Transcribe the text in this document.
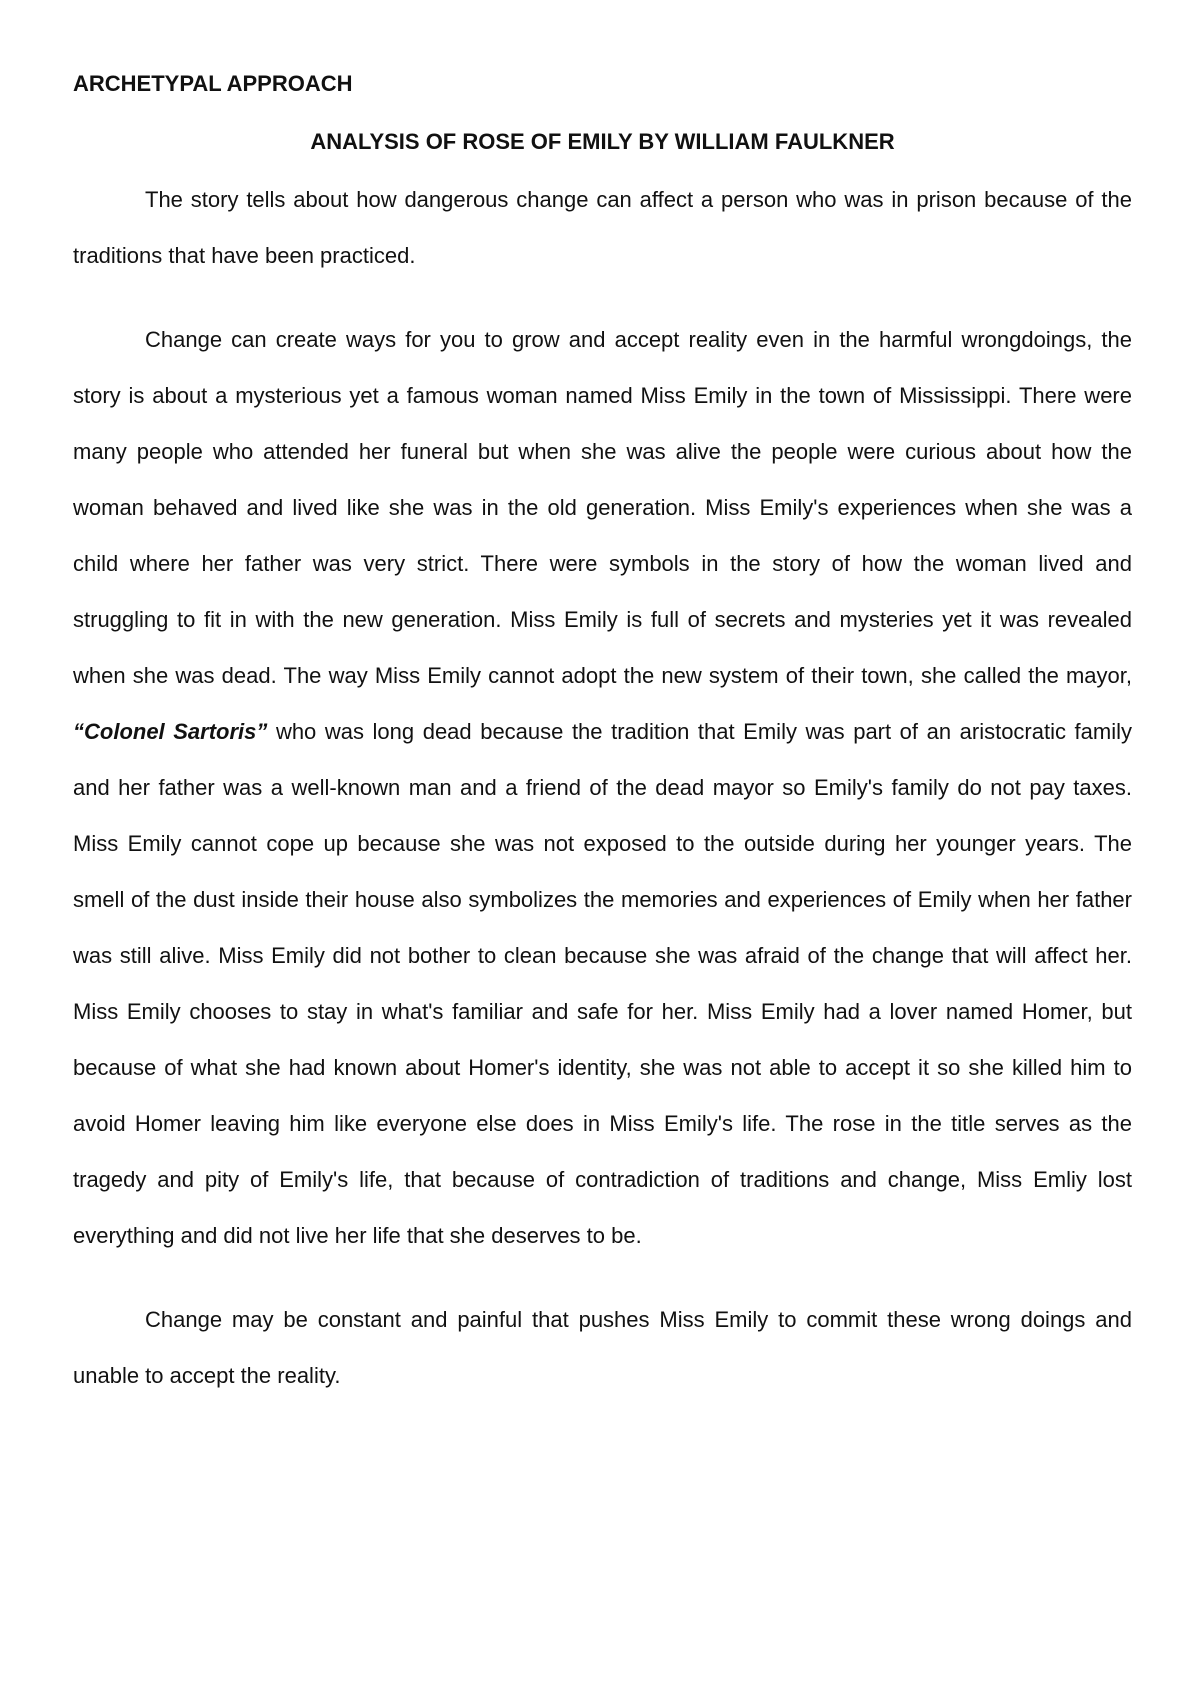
ARCHETYPAL APPROACH
ANALYSIS OF ROSE OF EMILY BY WILLIAM FAULKNER

The story tells about how dangerous change can affect a person who was in prison because of the traditions that have been practiced.

Change can create ways for you to grow and accept reality even in the harmful wrongdoings, the story is about a mysterious yet a famous woman named Miss Emily in the town of Mississippi. There were many people who attended her funeral but when she was alive the people were curious about how the woman behaved and lived like she was in the old generation. Miss Emily's experiences when she was a child where her father was very strict. There were symbols in the story of how the woman lived and struggling to fit in with the new generation. Miss Emily is full of secrets and mysteries yet it was revealed when she was dead. The way Miss Emily cannot adopt the new system of their town, she called the mayor, “Colonel Sartoris” who was long dead because the tradition that Emily was part of an aristocratic family and her father was a well-known man and a friend of the dead mayor so Emily's family do not pay taxes. Miss Emily cannot cope up because she was not exposed to the outside during her younger years. The smell of the dust inside their house also symbolizes the memories and experiences of Emily when her father was still alive. Miss Emily did not bother to clean because she was afraid of the change that will affect her. Miss Emily chooses to stay in what's familiar and safe for her. Miss Emily had a lover named Homer, but because of what she had known about Homer's identity, she was not able to accept it so she killed him to avoid Homer leaving him like everyone else does in Miss Emily's life. The rose in the title serves as the tragedy and pity of Emily's life, that because of contradiction of traditions and change, Miss Emliy lost everything and did not live her life that she deserves to be.

Change may be constant and painful that pushes Miss Emily to commit these wrong doings and unable to accept the reality.
